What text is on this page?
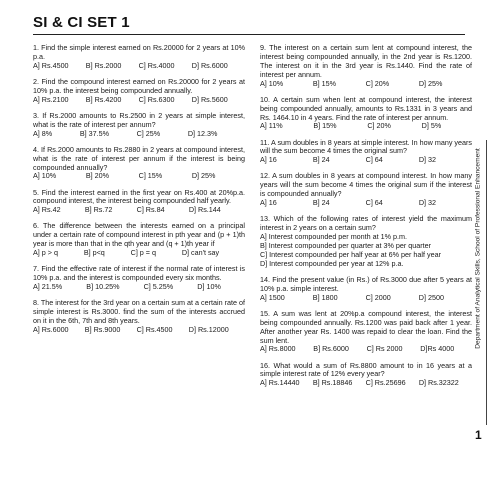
SI & CI SET 1
1. Find the simple interest earned on Rs.20000 for 2 years at 10% p.a.
A] Rs.4500	B] Rs.2000	C] Rs.4000	D] Rs.6000
2. Find the compound interest earned on Rs.20000 for 2 years at 10% p.a. the interest being compounded annually.
A] Rs.2100	B] Rs.4200	C] Rs.6300	D] Rs.5600
3. If Rs.2000 amounts to Rs.2500 in 2 years at simple interest, what is the rate of interest per annum?
A] 8%	B] 37.5%	C] 25%	D] 12.3%
4. If Rs.2000 amounts to Rs.2880 in 2 years at compound interest, what is the rate of interest per annum if the interest is being compounded annually?
A] 10%	B] 20%	C] 15%	D] 25%
5. Find the interest earned in the first year on Rs.400 at 20%p.a. compound interest, the interest being compounded half yearly.
A] Rs.42	B] Rs.72	C] Rs.84	D] Rs.144
6. The difference between the interests earned on a principal under a certain rate of compound interest in pth year and (p + 1)th year is more than that in the qth year and (q + 1)th year if
A] p > q	B] p<q	C] p = q	D] can't say
7. Find the effective rate of interest if the normal rate of interest is 10% p.a. and the interest is compounded every six months.
A] 21.5%	B] 10.25%	C] 5.25%	D] 10%
8. The interest for the 3rd year on a certain sum at a certain rate of simple interest is Rs.3000. find the sum of the interests accrued on it in the 6th, 7th and 8th years.
A] Rs.6000	B] Rs.9000	C] Rs.4500	D] Rs.12000
9. The interest on a certain sum lent at compound interest, the interest being compounded annually, in the 2nd year is Rs.1200. The interest on it in the 3rd year is Rs.1440. Find the rate of interest per annum.
A] 10%	B] 15%	C] 20%	D] 25%
10. A certain sum when lent at compound interest, the interest being compounded annually, amounts to Rs.1331 in 3 years and Rs. 1464.10 in 4 years. Find the rate of interest per annum.
A] 11%	B] 15%	C] 20%	D] 5%
11. A sum doubles in 8 years at simple interest. In how many years will the sum become 4 times the original sum?
A] 16	B] 24	C] 64	D] 32
12. A sum doubles in 8 years at compound interest. In how many years will the sum become 4 times the original sum if the interest is compounded annually?
A] 16	B] 24	C] 64	D] 32
13. Which of the following rates of interest yield the maximum interest in 2 years on a certain sum?
A] Interest compounded per month at 1% p.m.
B] Interest compounded per quarter at 3% per quarter
C] Interest compounded per half year at 6% per half year
D] Interest compounded per year at 12% p.a.
14. Find the present value (in Rs.) of Rs.3000 due after 5 years at 10% p.a. simple interest.
A] 1500	B] 1800	C] 2000	D] 2500
15. A sum was lent at 20%p.a compound interest, the interest being compounded annually. Rs.1200 was paid back after 1 year. After another year Rs. 1400 was repaid to clear the loan. Find the sum lent.
A] Rs.8000	B] Rs.6000	C] Rs 2000	D]Rs 4000
16. What would a sum of Rs.8800 amount to in 16 years at a simple interest rate of 12% every year?
A] Rs.14440	B] Rs.18846	C] Rs.25696	D] Rs.32322
Department of Analytical Skills, School of Professional Enhancement
1
